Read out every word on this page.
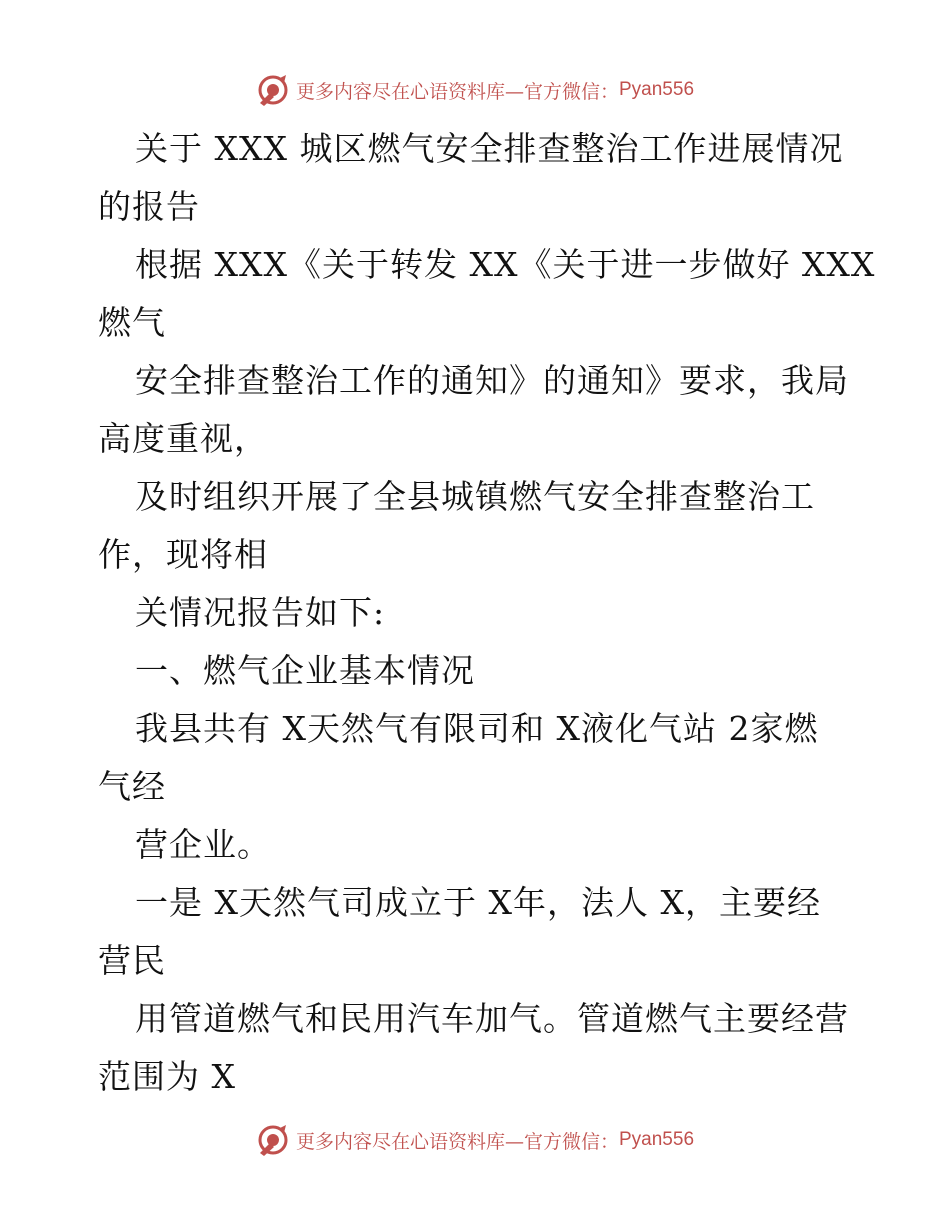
更多内容尽在心语资料库—官方微信： Pyan556
关于 XXX 城区燃气安全排查整治工作进展情况
的报告
根据 XXX《关于转发 XX《关于进一步做好 XXX
燃气
安全排查整治工作的通知》的通知》要求，我局
高度重视，
及时组织开展了全县城镇燃气安全排查整治工
作，现将相
关情况报告如下:
一、燃气企业基本情况
我县共有 X天然气有限司和 X液化气站 2家燃
气经
营企业。
一是 X天然气司成立于 X年，法人 X，主要经
营民
用管道燃气和民用汽车加气。管道燃气主要经营
范围为 X
更多内容尽在心语资料库—官方微信： Pyan556
